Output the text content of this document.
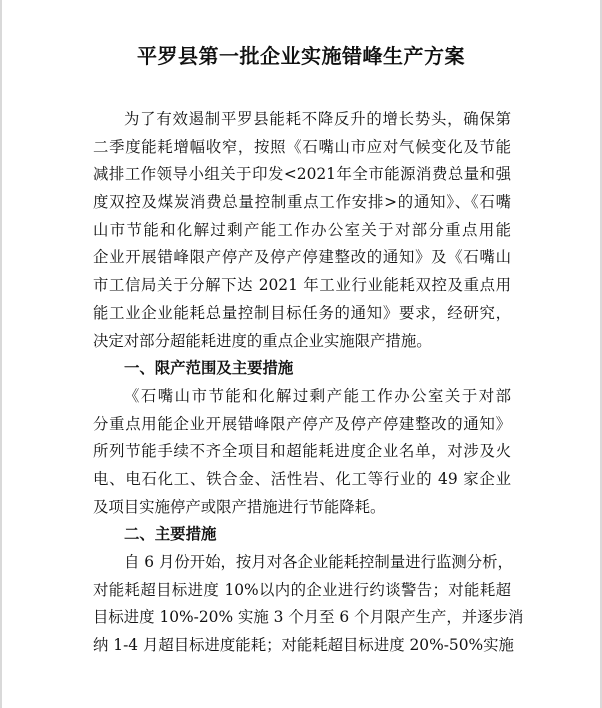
平罗县第一批企业实施错峰生产方案
为了有效遏制平罗县能耗不降反升的增长势头，确保第
二季度能耗增幅收窄，按照《石嘴山市应对气候变化及节能
减排工作领导小组关于印发<2021年全市能源消费总量和强
度双控及煤炭消费总量控制重点工作安排>的通知》、《石嘴
山市节能和化解过剩产能工作办公室关于对部分重点用能
企业开展错峰限产停产及停产停建整改的通知》及《石嘴山
市工信局关于分解下达 2021 年工业行业能耗双控及重点用
能工业企业能耗总量控制目标任务的通知》要求，经研究，
决定对部分超能耗进度的重点企业实施限产措施。
一、限产范围及主要措施
《石嘴山市节能和化解过剩产能工作办公室关于对部
分重点用能企业开展错峰限产停产及停产停建整改的通知》
所列节能手续不齐全项目和超能耗进度企业名单，对涉及火
电、电石化工、铁合金、活性岩、化工等行业的 49 家企业
及项目实施停产或限产措施进行节能降耗。
二、主要措施
自 6 月份开始，按月对各企业能耗控制量进行监测分析，
对能耗超目标进度 10%以内的企业进行约谈警告；对能耗超
目标进度 10%-20% 实施 3 个月至 6 个月限产生产，并逐步消
纳 1-4 月超目标进度能耗；对能耗超目标进度 20%-50%实施
